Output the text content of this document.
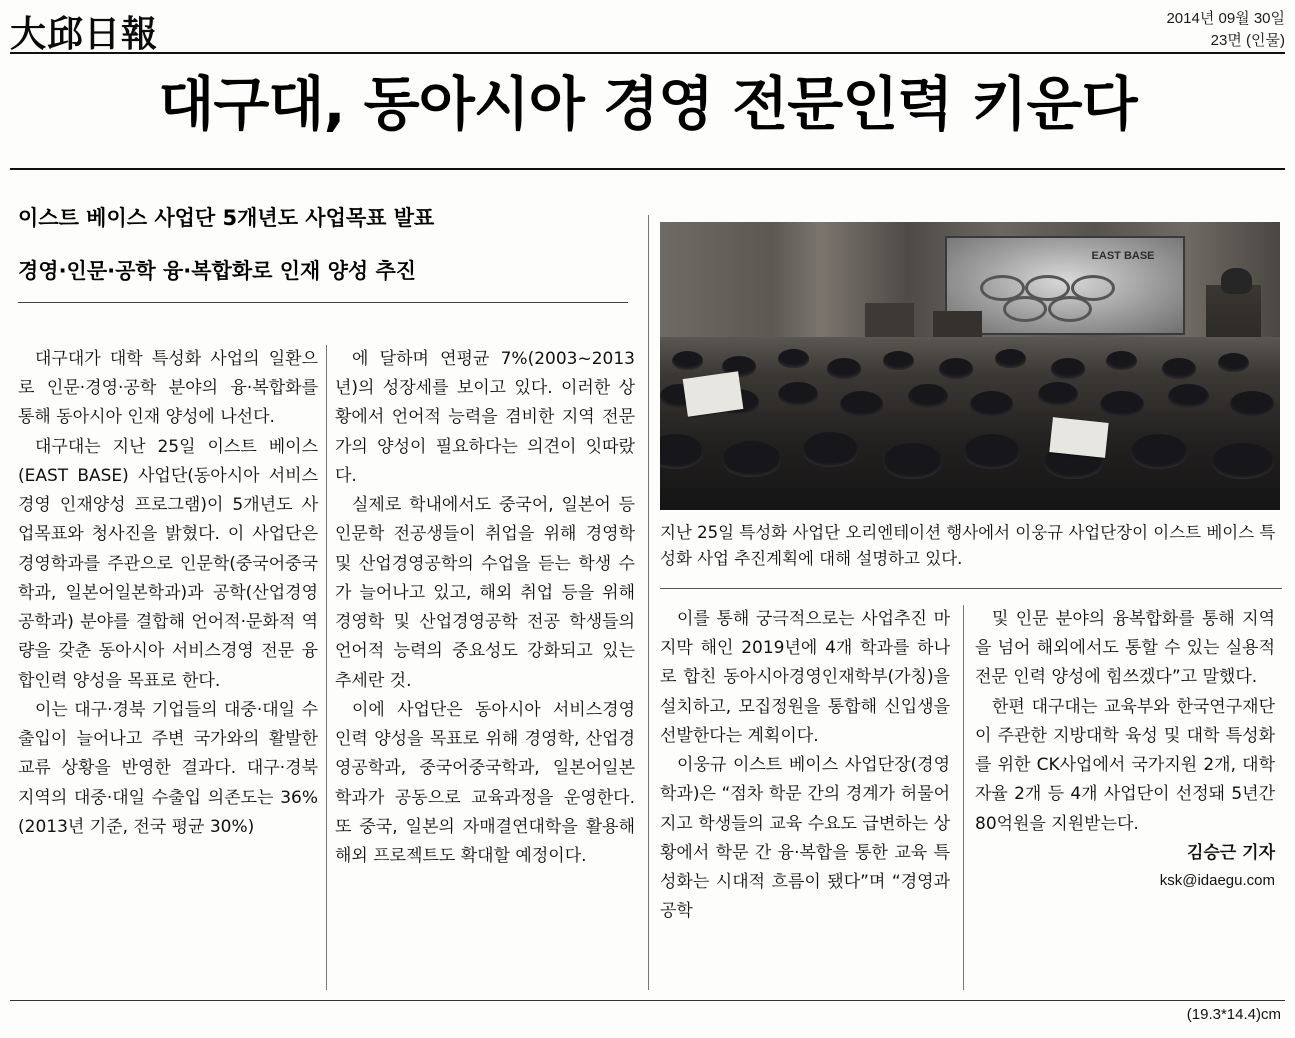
大邱日報	2014년 09월 30일
23면 (인물)
대구대, 동아시아 경영 전문인력 키운다
이스트 베이스 사업단 5개년도 사업목표 발표
경영·인문·공학 융·복합화로 인재 양성 추진
EAST BASE
지난 25일 특성화 사업단 오리엔테이션 행사에서 이웅규 사업단장이 이스트 베이스 특성화 사업 추진계획에 대해 설명하고 있다.

대구대가 대학 특성화 사업의 일환으로 인문·경영·공학 분야의 융·복합화를 통해 동아시아 인재 양성에 나선다.

대구대는 지난 25일 이스트 베이스(EAST BASE) 사업단(동아시아 서비스경영 인재양성 프로그램)이 5개년도 사업목표와 청사진을 밝혔다. 이 사업단은 경영학과를 주관으로 인문학(중국어중국학과, 일본어일본학과)과 공학(산업경영공학과) 분야를 결합해 언어적·문화적 역량을 갖춘 동아시아 서비스경영 전문 융합인력 양성을 목표로 한다.

이는 대구·경북 기업들의 대중·대일 수출입이 늘어나고 주변 국가와의 활발한 교류 상황을 반영한 결과다. 대구·경북 지역의 대중·대일 수출입 의존도는 36%(2013년 기준, 전국 평균 30%)

에 달하며 연평균 7%(2003~2013년)의 성장세를 보이고 있다. 이러한 상황에서 언어적 능력을 겸비한 지역 전문가의 양성이 필요하다는 의견이 잇따랐다.

실제로 학내에서도 중국어, 일본어 등 인문학 전공생들이 취업을 위해 경영학 및 산업경영공학의 수업을 듣는 학생 수가 늘어나고 있고, 해외 취업 등을 위해 경영학 및 산업경영공학 전공 학생들의 언어적 능력의 중요성도 강화되고 있는 추세란 것.

이에 사업단은 동아시아 서비스경영 인력 양성을 목표로 위해 경영학, 산업경영공학과, 중국어중국학과, 일본어일본학과가 공동으로 교육과정을 운영한다. 또 중국, 일본의 자매결연대학을 활용해 해외 프로젝트도 확대할 예정이다.

이를 통해 궁극적으로는 사업추진 마지막 해인 2019년에 4개 학과를 하나로 합친 동아시아경영인재학부(가칭)을 설치하고, 모집정원을 통합해 신입생을 선발한다는 계획이다.

이웅규 이스트 베이스 사업단장(경영학과)은 “점차 학문 간의 경계가 허물어지고 학생들의 교육 수요도 급변하는 상황에서 학문 간 융·복합을 통한 교육 특성화는 시대적 흐름이 됐다”며 “경영과 공학

및 인문 분야의 융복합화를 통해 지역을 넘어 해외에서도 통할 수 있는 실용적 전문 인력 양성에 힘쓰겠다”고 말했다.

한편 대구대는 교육부와 한국연구재단이 주관한 지방대학 육성 및 대학 특성화를 위한 CK사업에서 국가지원 2개, 대학자율 2개 등 4개 사업단이 선정돼 5년간 80억원을 지원받는다.

김승근 기자

ksk@idaegu.com

(19.3*14.4)cm
